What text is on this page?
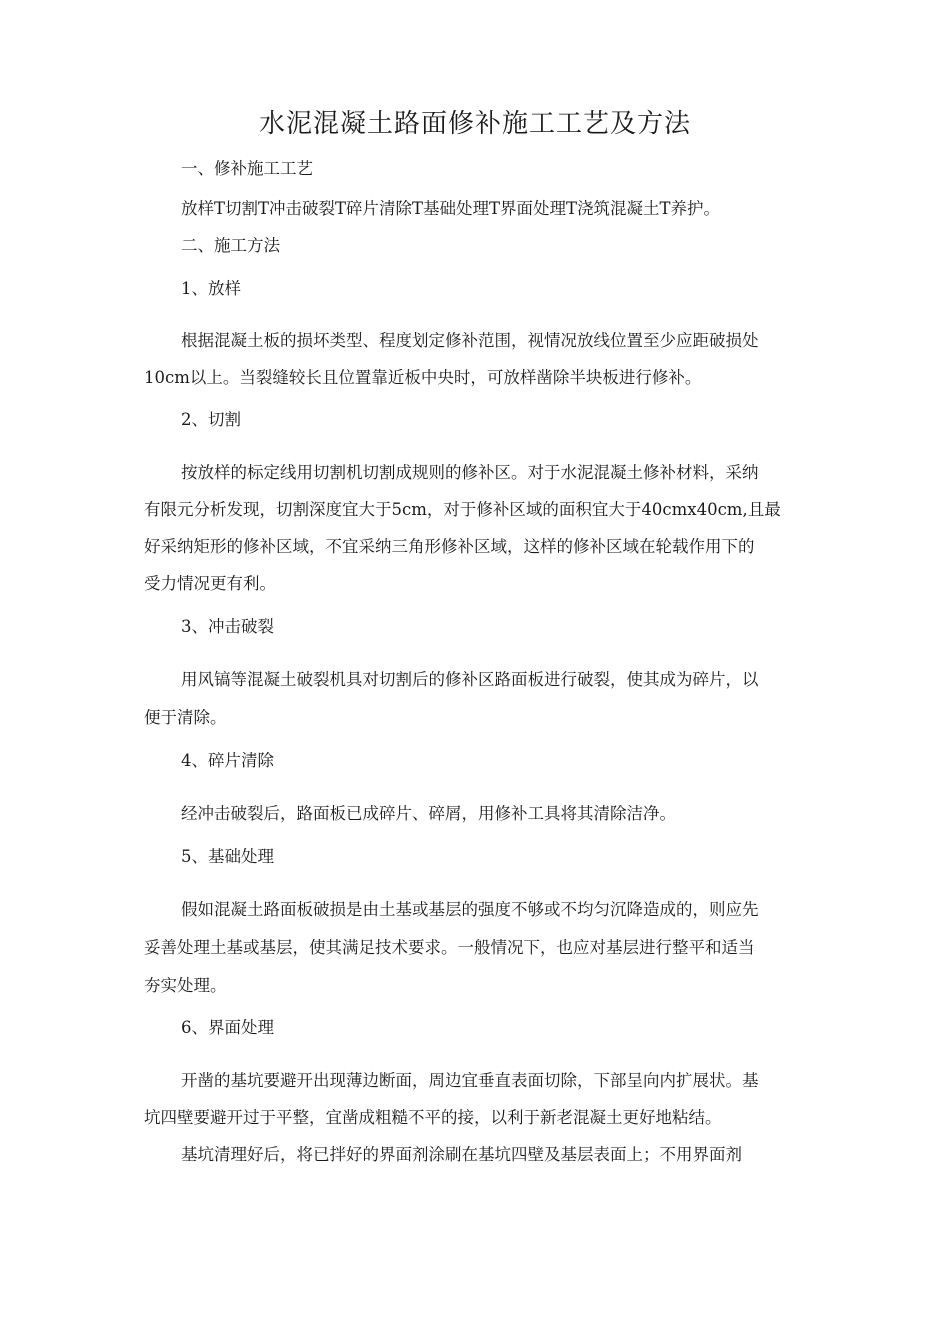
水泥混凝土路面修补施工工艺及方法
一、修补施工工艺
放样T切割T冲击破裂T碎片清除T基础处理T界面处理T浇筑混凝土T养护。
二、施工方法
1、放样
根据混凝土板的损坏类型、程度划定修补范围，视情况放线位置至少应距破损处
10cm以上。当裂缝较长且位置靠近板中央时，可放样凿除半块板进行修补。
2、切割
按放样的标定线用切割机切割成规则的修补区。对于水泥混凝土修补材料，采纳
有限元分析发现，切割深度宜大于5cm，对于修补区域的面积宜大于40cmx40cm,且最
好采纳矩形的修补区域，不宜采纳三角形修补区域，这样的修补区域在轮载作用下的
受力情况更有利。
3、冲击破裂
用风镐等混凝土破裂机具对切割后的修补区路面板进行破裂，使其成为碎片，以
便于清除。
4、碎片清除
经冲击破裂后，路面板已成碎片、碎屑，用修补工具将其清除洁净。
5、基础处理
假如混凝土路面板破损是由土基或基层的强度不够或不均匀沉降造成的，则应先
妥善处理土基或基层，使其满足技术要求。一般情况下，也应对基层进行整平和适当
夯实处理。
6、界面处理
开凿的基坑要避开出现薄边断面，周边宜垂直表面切除，下部呈向内扩展状。基
坑四壁要避开过于平整，宜凿成粗糙不平的接，以利于新老混凝土更好地粘结。
基坑清理好后，将已拌好的界面剂涂刷在基坑四壁及基层表面上；不用界面剂
